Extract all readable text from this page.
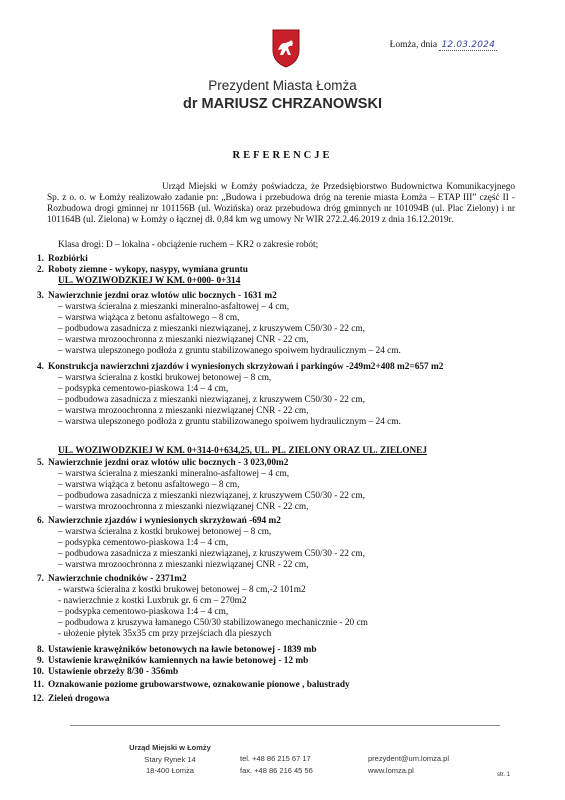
Łomża, dnia 12.03.2024
Prezydent Miasta Łomża
dr MARIUSZ CHRZANOWSKI
REFERENCJE
Urząd Miejski w Łomży poświadcza, że Przedsiębiorstwo Budownictwa Komunikacyjnego Sp. z o. o. w Łomży realizowało zadanie pn: „Budowa i przebudowa dróg na terenie miasta Łomża – ETAP III” część II - Rozbudowa drogi gminnej nr 101156B (ul. Wozińska) oraz przebudowa dróg gminnych nr 101094B (ul. Plac Zielony) i nr 101164B (ul. Zielona) w Łomży o łącznej dł. 0,84 km wg umowy Nr WIR 272.2.46.2019 z dnia 16.12.2019r.
Klasa drogi: D – lokalna - obciążenie ruchem – KR2 o zakresie robót;
1. Rozbiórki
2. Roboty ziemne - wykopy, nasypy, wymiana gruntu
UL. WOZIWODZKIEJ W KM. 0+000- 0+314
3. Nawierzchnie jezdni oraz wlotów ulic bocznych - 1631 m2
– warstwa ścieralna z mieszanki mineralno-asfaltowej – 4 cm,
– warstwa wiążąca z betonu asfaltowego – 8 cm,
– podbudowa zasadnicza z mieszanki niezwiązanej, z kruszywem C50/30 - 22 cm,
– warstwa mrozoochronna z mieszanki niezwiązanej CNR - 22 cm,
– warstwa ulepszonego podłoża z gruntu stabilizowanego spoiwem hydraulicznym – 24 cm.
4. Konstrukcja nawierzchni zjazdów i wyniesionych skrzyżowań i parkingów -249m2+408 m2=657 m2
– warstwa ścieralna z kostki brukowej betonowej – 8 cm,
– podsypka cementowo-piaskowa 1:4 – 4 cm,
– podbudowa zasadnicza z mieszanki niezwiązanej, z kruszywem C50/30 - 22 cm,
– warstwa mrozoochronna z mieszanki niezwiązanej CNR - 22 cm,
– warstwa ulepszonego podłoża z gruntu stabilizowanego spoiwem hydraulicznym – 24 cm.
UL. WOZIWODZKIEJ W KM. 0+314-0+634,25, UL. PL. ZIELONY ORAZ UL. ZIELONEJ
5. Nawierzchnie jezdni oraz wlotów ulic bocznych - 3 023,00m2
– warstwa ścieralna z mieszanki mineralno-asfaltowej – 4 cm,
– warstwa wiążąca z betonu asfaltowego – 8 cm,
– podbudowa zasadnicza z mieszanki niezwiązanej, z kruszywem C50/30 - 22 cm,
– warstwa mrozoochronna z mieszanki niezwiązanej CNR - 22 cm,
6. Nawierzchnie zjazdów i wyniesionych skrzyżowań -694 m2
– warstwa ścieralna z kostki brukowej betonowej – 8 cm,
– podsypka cementowo-piaskowa 1:4 – 4 cm,
– podbudowa zasadnicza z mieszanki niezwiązanej, z kruszywem C50/30 - 22 cm,
– warstwa mrozoochronna z mieszanki niezwiązanej CNR - 22 cm,
7. Nawierzchnie chodników - 2371m2
- warstwa ścieralna z kostki brukowej betonowej – 8 cm,-2 101m2
- nawierzchnie z kostki Luxbruk gr. 6 cm – 270m2
– podsypka cementowo-piaskowa 1:4 – 4 cm,
– podbudowa z kruszywa łamanego C50/30 stabilizowanego mechanicznie - 20 cm
- ułożenie płytek 35x35 cm przy przejściach dla pieszych
8. Ustawienie krawężników betonowych na ławie betonowej - 1839 mb
9. Ustawienie krawężników kamiennych na ławie betonowej - 12 mb
10. Ustawienie obrzeży 8/30 - 356mb
11. Oznakowanie poziome grubowarstwowe, oznakowanie pionowe , balustrady
12. Zieleń drogowa
Urząd Miejski w Łomży
Stary Rynek 14
18-400 Łomża
tel. +48 86 215 67 17
fax. +48 86 216 45 56
prezydent@um.lomza.pl
www.lomza.pl
str. 1
